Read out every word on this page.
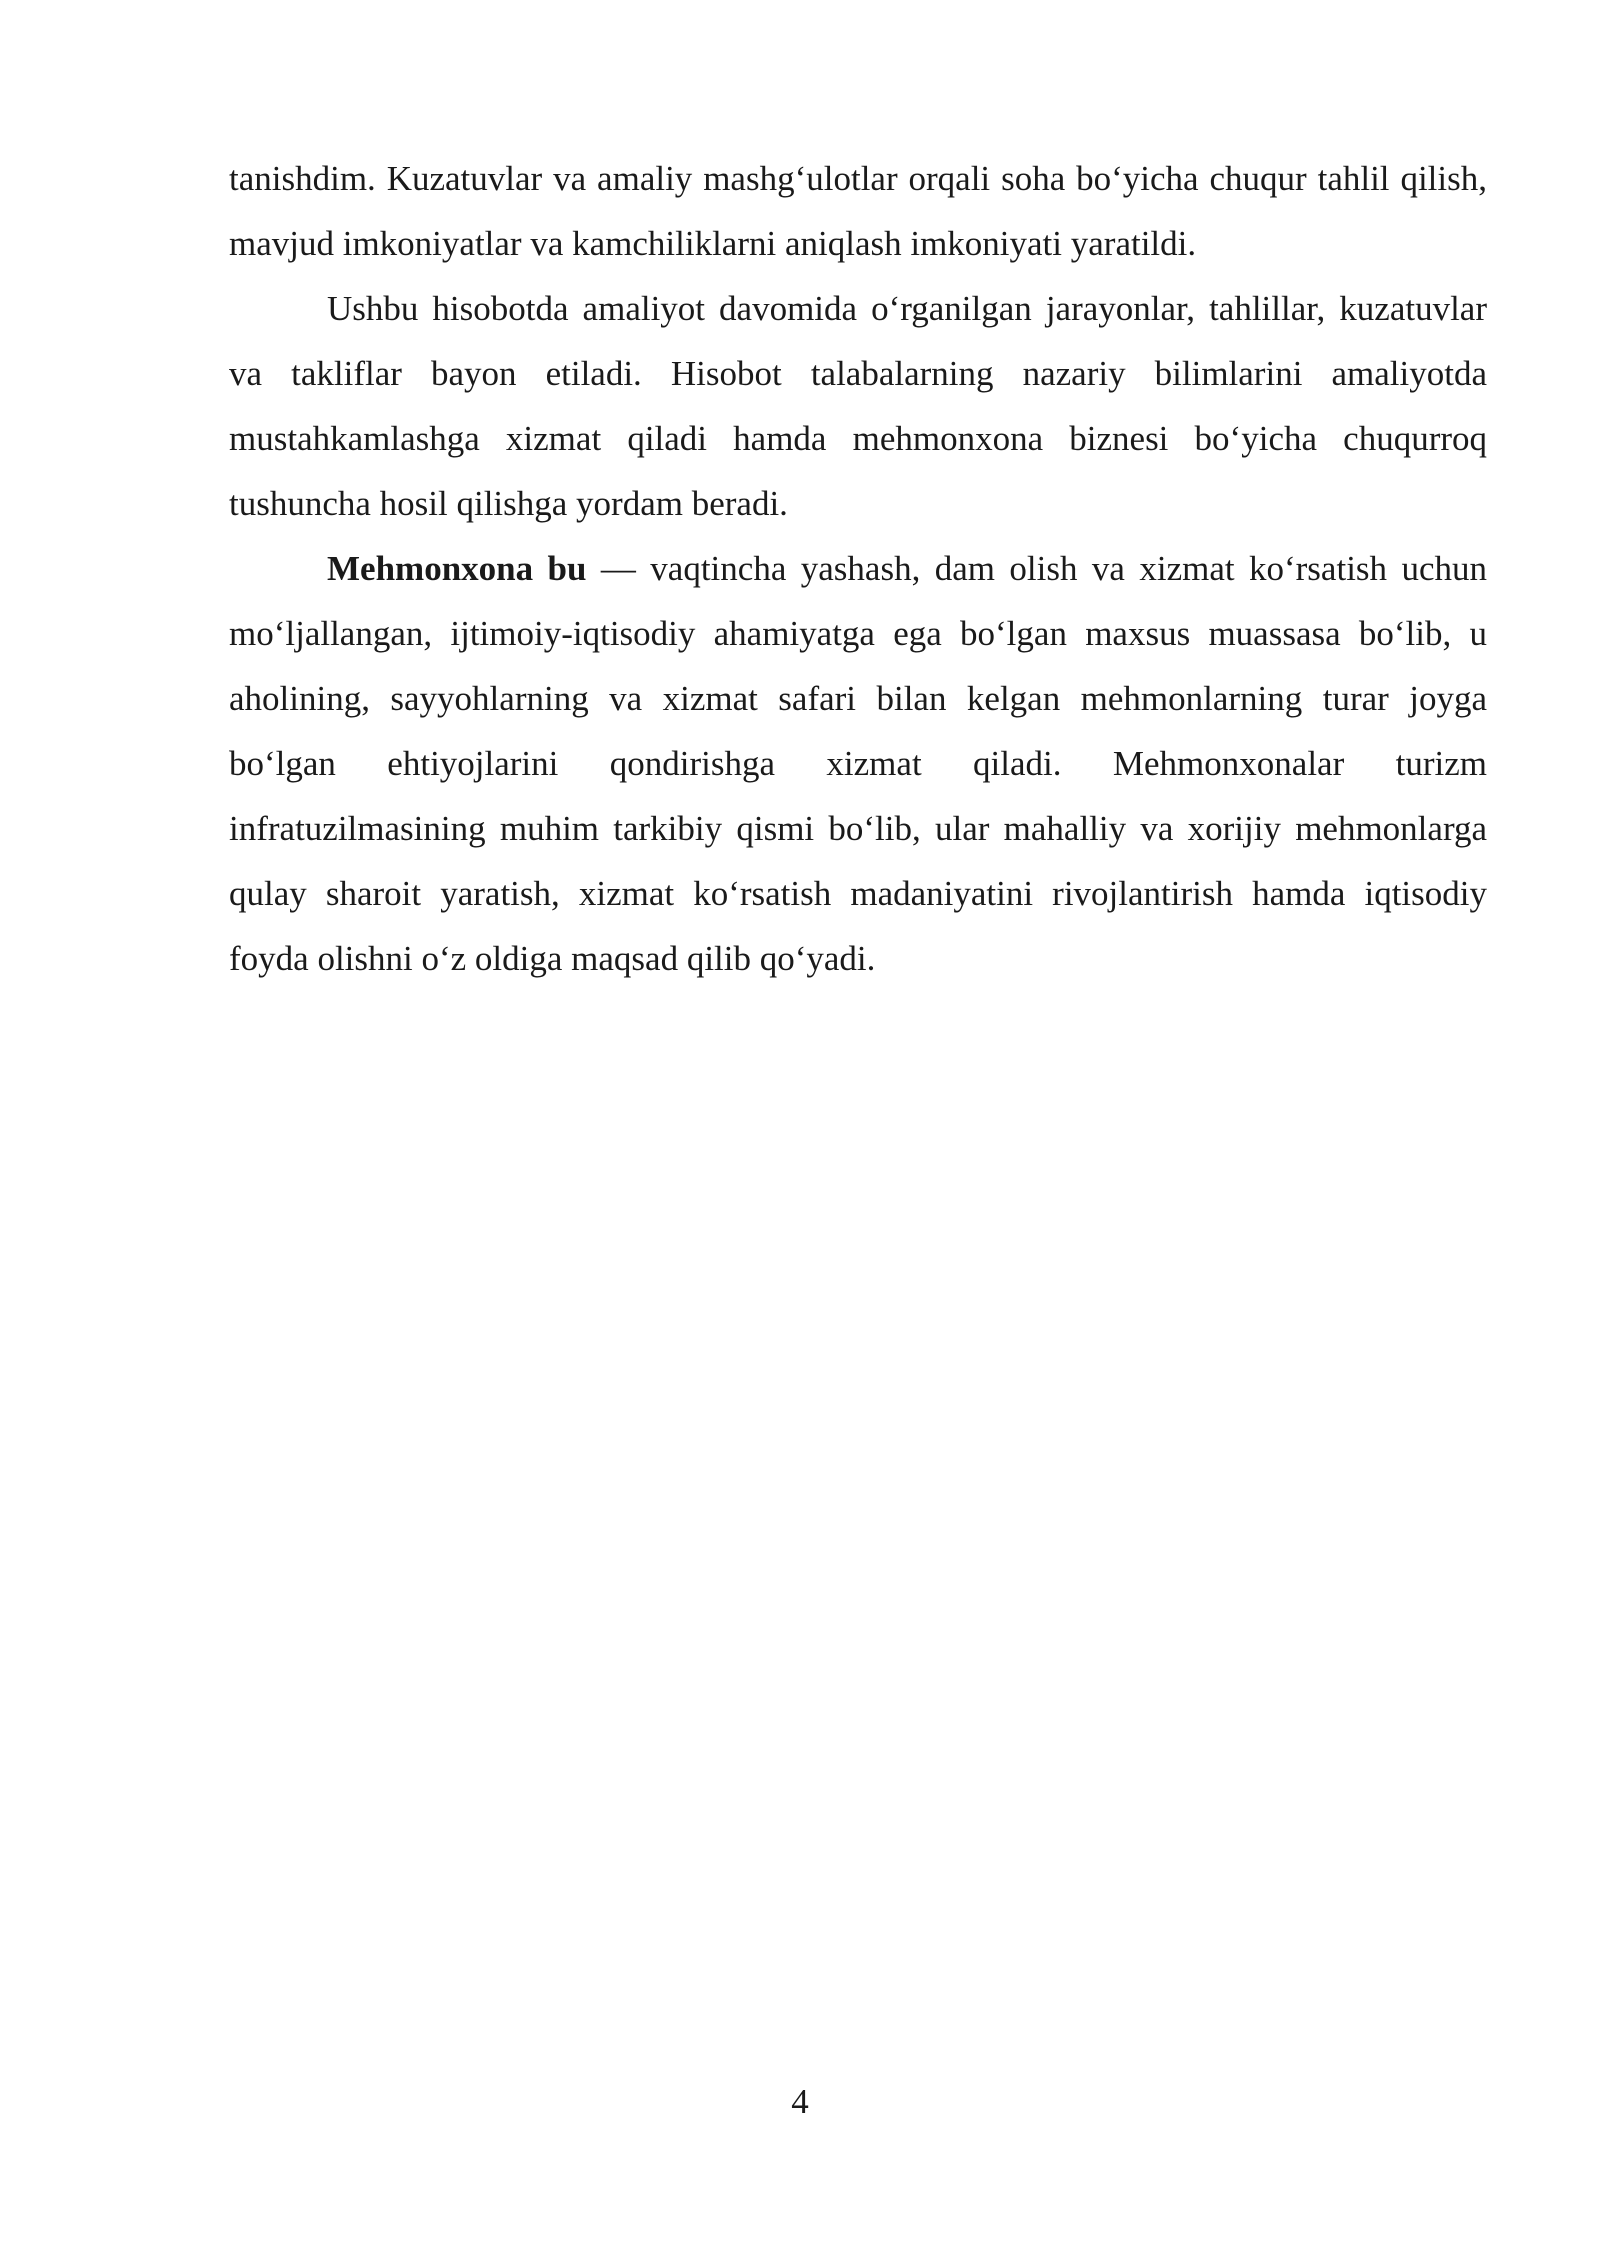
tanishdim. Kuzatuvlar va amaliy mashg‘ulotlar orqali soha bo‘yicha chuqur tahlil qilish, mavjud imkoniyatlar va kamchiliklarni aniqlash imkoniyati yaratildi.

Ushbu hisobotda amaliyot davomida o‘rganilgan jarayonlar, tahlillar, kuzatuvlar va takliflar bayon etiladi. Hisobot talabalarning nazariy bilimlarini amaliyotda mustahkamlashga xizmat qiladi hamda mehmonxona biznesi bo‘yicha chuqurroq tushuncha hosil qilishga yordam beradi.

Mehmonxona bu — vaqtincha yashash, dam olish va xizmat ko‘rsatish uchun mo‘ljallangan, ijtimoiy-iqtisodiy ahamiyatga ega bo‘lgan maxsus muassasa bo‘lib, u aholining, sayyohlarning va xizmat safari bilan kelgan mehmonlarning turar joyga bo‘lgan ehtiyojlarini qondirishga xizmat qiladi. Mehmonxonalar turizm infratuzilmasining muhim tarkibiy qismi bo‘lib, ular mahalliy va xorijiy mehmonlarga qulay sharoit yaratish, xizmat ko‘rsatish madaniyatini rivojlantirish hamda iqtisodiy foyda olishni o‘z oldiga maqsad qilib qo‘yadi.

4
